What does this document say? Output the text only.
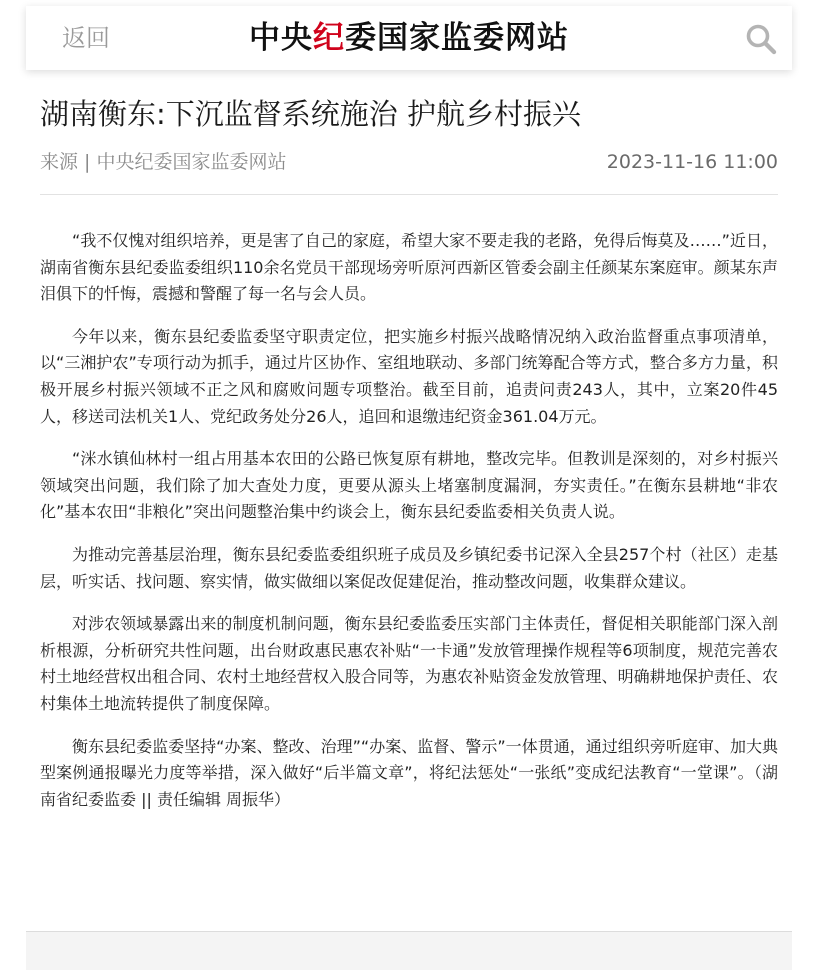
返回	中央纪委国家监委网站
湖南衡东:下沉监督系统施治 护航乡村振兴
来源 | 中央纪委国家监委网站	2023-11-16 11:00

“我不仅愧对组织培养，更是害了自己的家庭，希望大家不要走我的老路，免得后悔莫及……”近日，湖南省衡东县纪委监委组织110余名党员干部现场旁听原河西新区管委会副主任颜某东案庭审。颜某东声泪俱下的忏悔，震撼和警醒了每一名与会人员。

今年以来，衡东县纪委监委坚守职责定位，把实施乡村振兴战略情况纳入政治监督重点事项清单，以“三湘护农”专项行动为抓手，通过片区协作、室组地联动、多部门统筹配合等方式，整合多方力量，积极开展乡村振兴领域不正之风和腐败问题专项整治。截至目前，追责问责243人，其中，立案20件45人，移送司法机关1人、党纪政务处分26人，追回和退缴违纪资金361.04万元。

“洣水镇仙林村一组占用基本农田的公路已恢复原有耕地，整改完毕。但教训是深刻的，对乡村振兴领域突出问题，我们除了加大查处力度，更要从源头上堵塞制度漏洞，夯实责任。”在衡东县耕地“非农化”基本农田“非粮化”突出问题整治集中约谈会上，衡东县纪委监委相关负责人说。

为推动完善基层治理，衡东县纪委监委组织班子成员及乡镇纪委书记深入全县257个村（社区）走基层，听实话、找问题、察实情，做实做细以案促改促建促治，推动整改问题，收集群众建议。

对涉农领域暴露出来的制度机制问题，衡东县纪委监委压实部门主体责任，督促相关职能部门深入剖析根源，分析研究共性问题，出台财政惠民惠农补贴“一卡通”发放管理操作规程等6项制度，规范完善农村土地经营权出租合同、农村土地经营权入股合同等，为惠农补贴资金发放管理、明确耕地保护责任、农村集体土地流转提供了制度保障。

衡东县纪委监委坚持“办案、整改、治理”“办案、监督、警示”一体贯通，通过组织旁听庭审、加大典型案例通报曝光力度等举措，深入做好“后半篇文章”，将纪法惩处“一张纸”变成纪法教育“一堂课”。（湖南省纪委监委 || 责任编辑 周振华）
